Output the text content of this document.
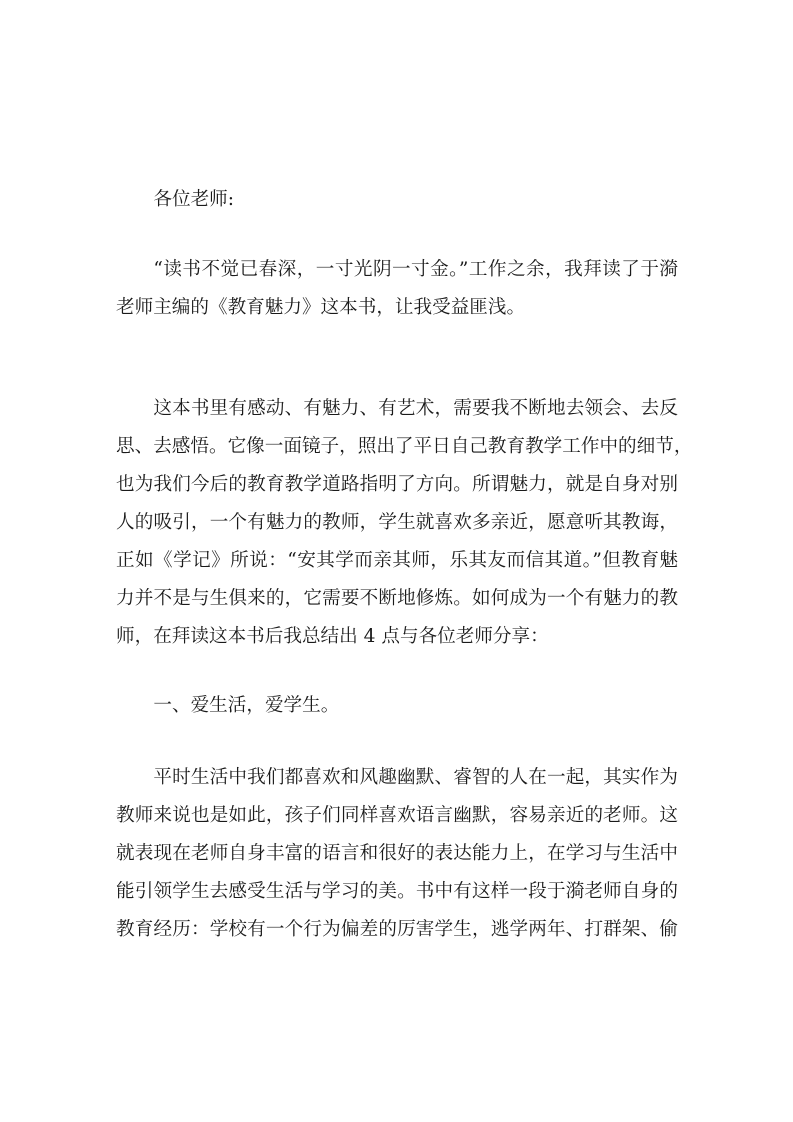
各位老师:
“读书不觉已春深，一寸光阴一寸金。”工作之余，我拜读了于漪
老师主编的《教育魅力》这本书，让我受益匪浅。
这本书里有感动、有魅力、有艺术，需要我不断地去领会、去反
思、去感悟。它像一面镜子，照出了平日自己教育教学工作中的细节，
也为我们今后的教育教学道路指明了方向。所谓魅力，就是自身对别
人的吸引，一个有魅力的教师，学生就喜欢多亲近，愿意听其教诲，
正如《学记》所说：“安其学而亲其师，乐其友而信其道。”但教育魅
力并不是与生俱来的，它需要不断地修炼。如何成为一个有魅力的教
师，在拜读这本书后我总结出 4 点与各位老师分享：
一、爱生活，爱学生。
平时生活中我们都喜欢和风趣幽默、睿智的人在一起，其实作为
教师来说也是如此，孩子们同样喜欢语言幽默，容易亲近的老师。这
就表现在老师自身丰富的语言和很好的表达能力上，在学习与生活中
能引领学生去感受生活与学习的美。书中有这样一段于漪老师自身的
教育经历：学校有一个行为偏差的厉害学生，逃学两年、打群架、偷
